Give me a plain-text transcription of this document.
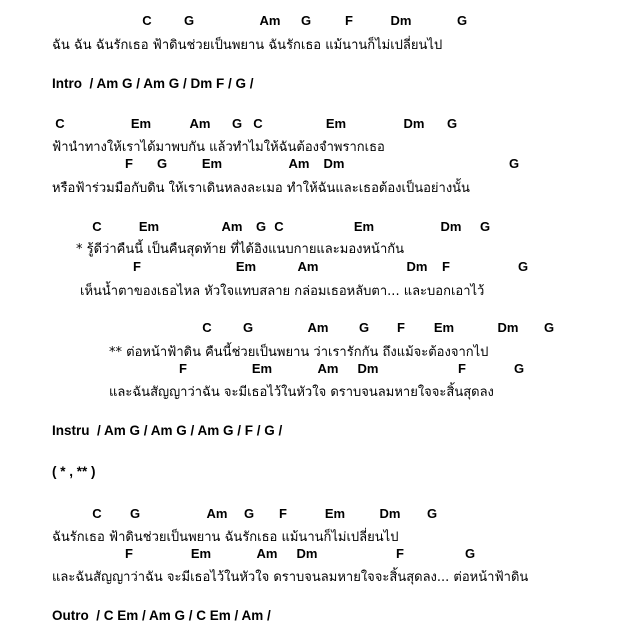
C G	Am G	F	Dm	G
ฉัน ฉัน ฉันรักเธอ ฟ้าดินช่วยเป็นพยาน ฉันรักเธอ แม้นานก็ไม่เปลี่ยนไป
Intro  / Am G / Am G / Dm F / G /
C	Em	Am G C	Em	Dm G
ฟ้านำทางให้เราได้มาพบกัน แล้วทำไมให้ฉันต้องจำพรากเธอ
F G	Em	Am Dm	G
หรือฟ้าร่วมมือกับดิน ให้เราเดินหลงละเมอ ทำให้ฉันและเธอต้องเป็นอย่างนั้น
C	Em	Am G C	Em	Dm G
* รู้ดีว่าคืนนี้ เป็นคืนสุดท้าย ที่ได้อิงแนบกายและมองหน้ากัน
F	Em	Am	Dm F	G
เห็นน้ำตาของเธอไหล หัวใจแทบสลาย กล่อมเธอหลับตา... และบอกเอาไว้
C G	Am G F Em	Dm G
** ต่อหน้าฟ้าดิน คืนนี้ช่วยเป็นพยาน ว่าเรารักกัน ถึงแม้จะต้องจากไป
F	Em	Am Dm	F	G
และฉันสัญญาว่าฉัน จะมีเธอไว้ในหัวใจ ดราบจนลมหายใจจะสิ้นสุดลง
Instru  / Am G / Am G / Am G / F / G /
( * , ** )
C G	Am G F	Em	Dm G
ฉันรักเธอ ฟ้าดินช่วยเป็นพยาน ฉันรักเธอ แม้นานก็ไม่เปลี่ยนไป
F	Em	Am Dm	F	G
และฉันสัญญาว่าฉัน จะมีเธอไว้ในหัวใจ ดราบจนลมหายใจจะสิ้นสุดลง... ต่อหน้าฟ้าดิน
Outro  / C Em / Am G / C Em / Am /
